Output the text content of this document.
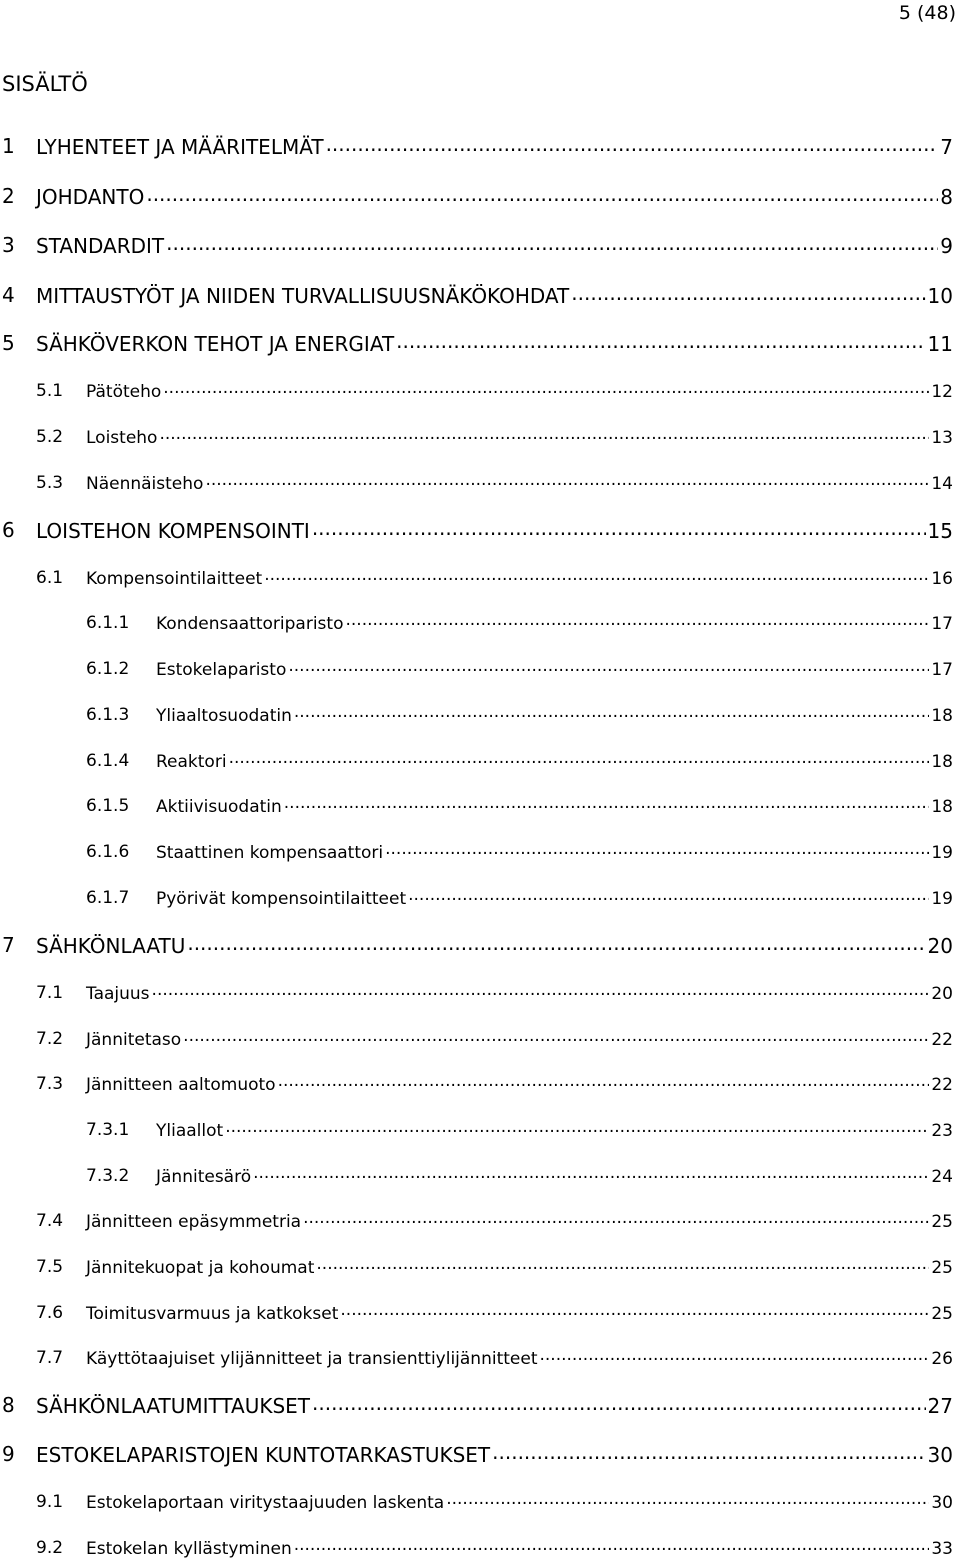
5 (48)
SISÄLTÖ
1 LYHENTEET JA MÄÄRITELMÄT .....	7
2 JOHDANTO .....	8
3 STANDARDIT .....	9
4 MITTAUSTYÖT JA NIIDEN TURVALLISUUSNÄKÖKOHDAT .....	10
5 SÄHKÖVERKON TEHOT JA ENERGIAT .....	11
5.1 Pätöteho .....	12
5.2 Loisteho .....	13
5.3 Näennäisteho .....	14
6 LOISTEHON KOMPENSOINTI .....	15
6.1 Kompensointilaitteet .....	16
6.1.1 Kondensaattoriparisto .....	17
6.1.2 Estokelaparisto .....	17
6.1.3 Yliaaltosuodatin .....	18
6.1.4 Reaktori .....	18
6.1.5 Aktiivisuodatin .....	18
6.1.6 Staattinen kompensaattori .....	19
6.1.7 Pyörivät kompensointilaitteet .....	19
7 SÄHKÖNLAATU .....	20
7.1 Taajuus .....	20
7.2 Jännitetaso .....	22
7.3 Jännitteen aaltomuoto .....	22
7.3.1 Yliaallot .....	23
7.3.2 Jännitesärö .....	24
7.4 Jännitteen epäsymmetria .....	25
7.5 Jännitekuopat ja kohoumat .....	25
7.6 Toimitusvarmuus ja katkokset .....	25
7.7 Käyttötaajuiset ylijännitteet ja transienttiylijännitteet .....	26
8 SÄHKÖNLAATUMITTAUKSET .....	27
9 ESTOKELAPARISTOJEN KUNTOTARKASTUKSET .....	30
9.1 Estokelaportaan viritystaajuuden laskenta .....	30
9.2 Estokelan kyllästyminen .....	33
